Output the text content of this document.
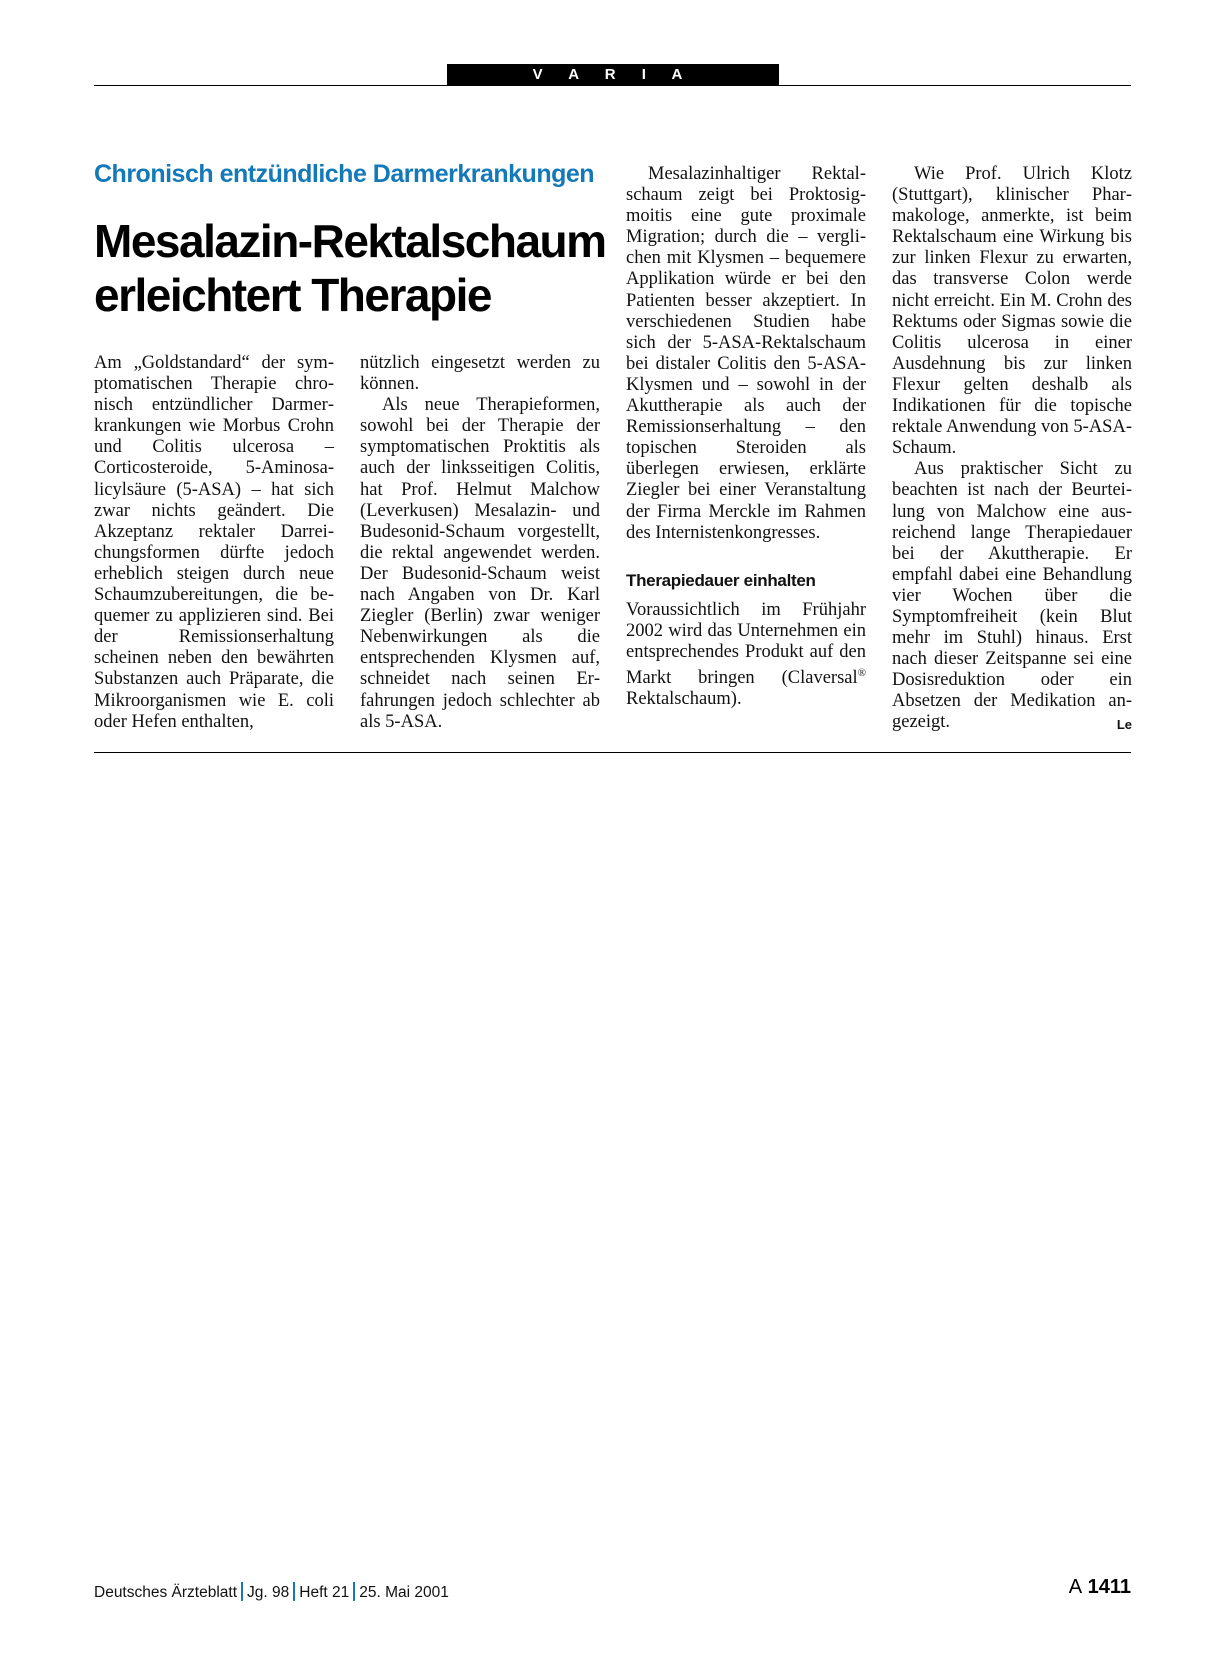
V A R I A
Chronisch entzündliche Darmerkrankungen
Mesalazin-Rektalschaum erleichtert Therapie

Am „Goldstandard“ der symptomatischen Therapie chronisch entzündlicher Darmerkrankungen wie Morbus Crohn und Colitis ulcerosa – Corticosteroide, 5-Aminosalicylsäure (5-ASA) – hat sich zwar nichts geändert. Die Akzeptanz rektaler Darreichungsformen dürfte jedoch erheblich steigen durch neue Schaumzubereitungen, die bequemer zu applizieren sind. Bei der Remissionserhaltung scheinen neben den bewährten Substanzen auch Präparate, die Mikroorganismen wie E. coli oder Hefen enthalten,

nützlich eingesetzt werden zu können.

Als neue Therapieformen, sowohl bei der Therapie der symptomatischen Proktitis als auch der linksseitigen Colitis, hat Prof. Helmut Malchow (Leverkusen) Mesalazin- und Budesonid-Schaum vorgestellt, die rektal angewendet werden. Der Budesonid-Schaum weist nach Angaben von Dr. Karl Ziegler (Berlin) zwar weniger Nebenwirkungen als die entsprechenden Klysmen auf, schneidet nach seinen Erfahrungen jedoch schlechter ab als 5-ASA.

Mesalazinhaltiger Rektalschaum zeigt bei Proktosigmoitis eine gute proximale Migration; durch die – verglichen mit Klysmen – bequemere Applikation würde er bei den Patienten besser akzeptiert. In verschiedenen Studien habe sich der 5-ASA-Rektalschaum bei distaler Colitis den 5-ASA-Klysmen und – sowohl in der Akuttherapie als auch der Remissionserhaltung – den topischen Steroiden als überlegen erwiesen, erklärte Ziegler bei einer Veranstaltung der Firma Merckle im Rahmen des Internistenkongresses.

Therapiedauer einhalten

Voraussichtlich im Frühjahr 2002 wird das Unternehmen ein entsprechendes Produkt auf den Markt bringen (Claversal® Rektalschaum).

Wie Prof. Ulrich Klotz (Stuttgart), klinischer Pharmakologe, anmerkte, ist beim Rektalschaum eine Wirkung bis zur linken Flexur zu erwarten, das transverse Colon werde nicht erreicht. Ein M. Crohn des Rektums oder Sigmas sowie die Colitis ulcerosa in einer Ausdehnung bis zur linken Flexur gelten deshalb als Indikationen für die topische rektale Anwendung von 5-ASA-Schaum.

Aus praktischer Sicht zu beachten ist nach der Beurteilung von Malchow eine ausreichend lange Therapiedauer bei der Akuttherapie. Er empfahl dabei eine Behandlung vier Wochen über die Symptomfreiheit (kein Blut mehr im Stuhl) hinaus. Erst nach dieser Zeitspanne sei eine Dosisreduktion oder ein Absetzen der Medikation angezeigt.	Le

Deutsches Ärzteblatt Jg. 98 Heft 21 25. Mai 2001	A 1411
